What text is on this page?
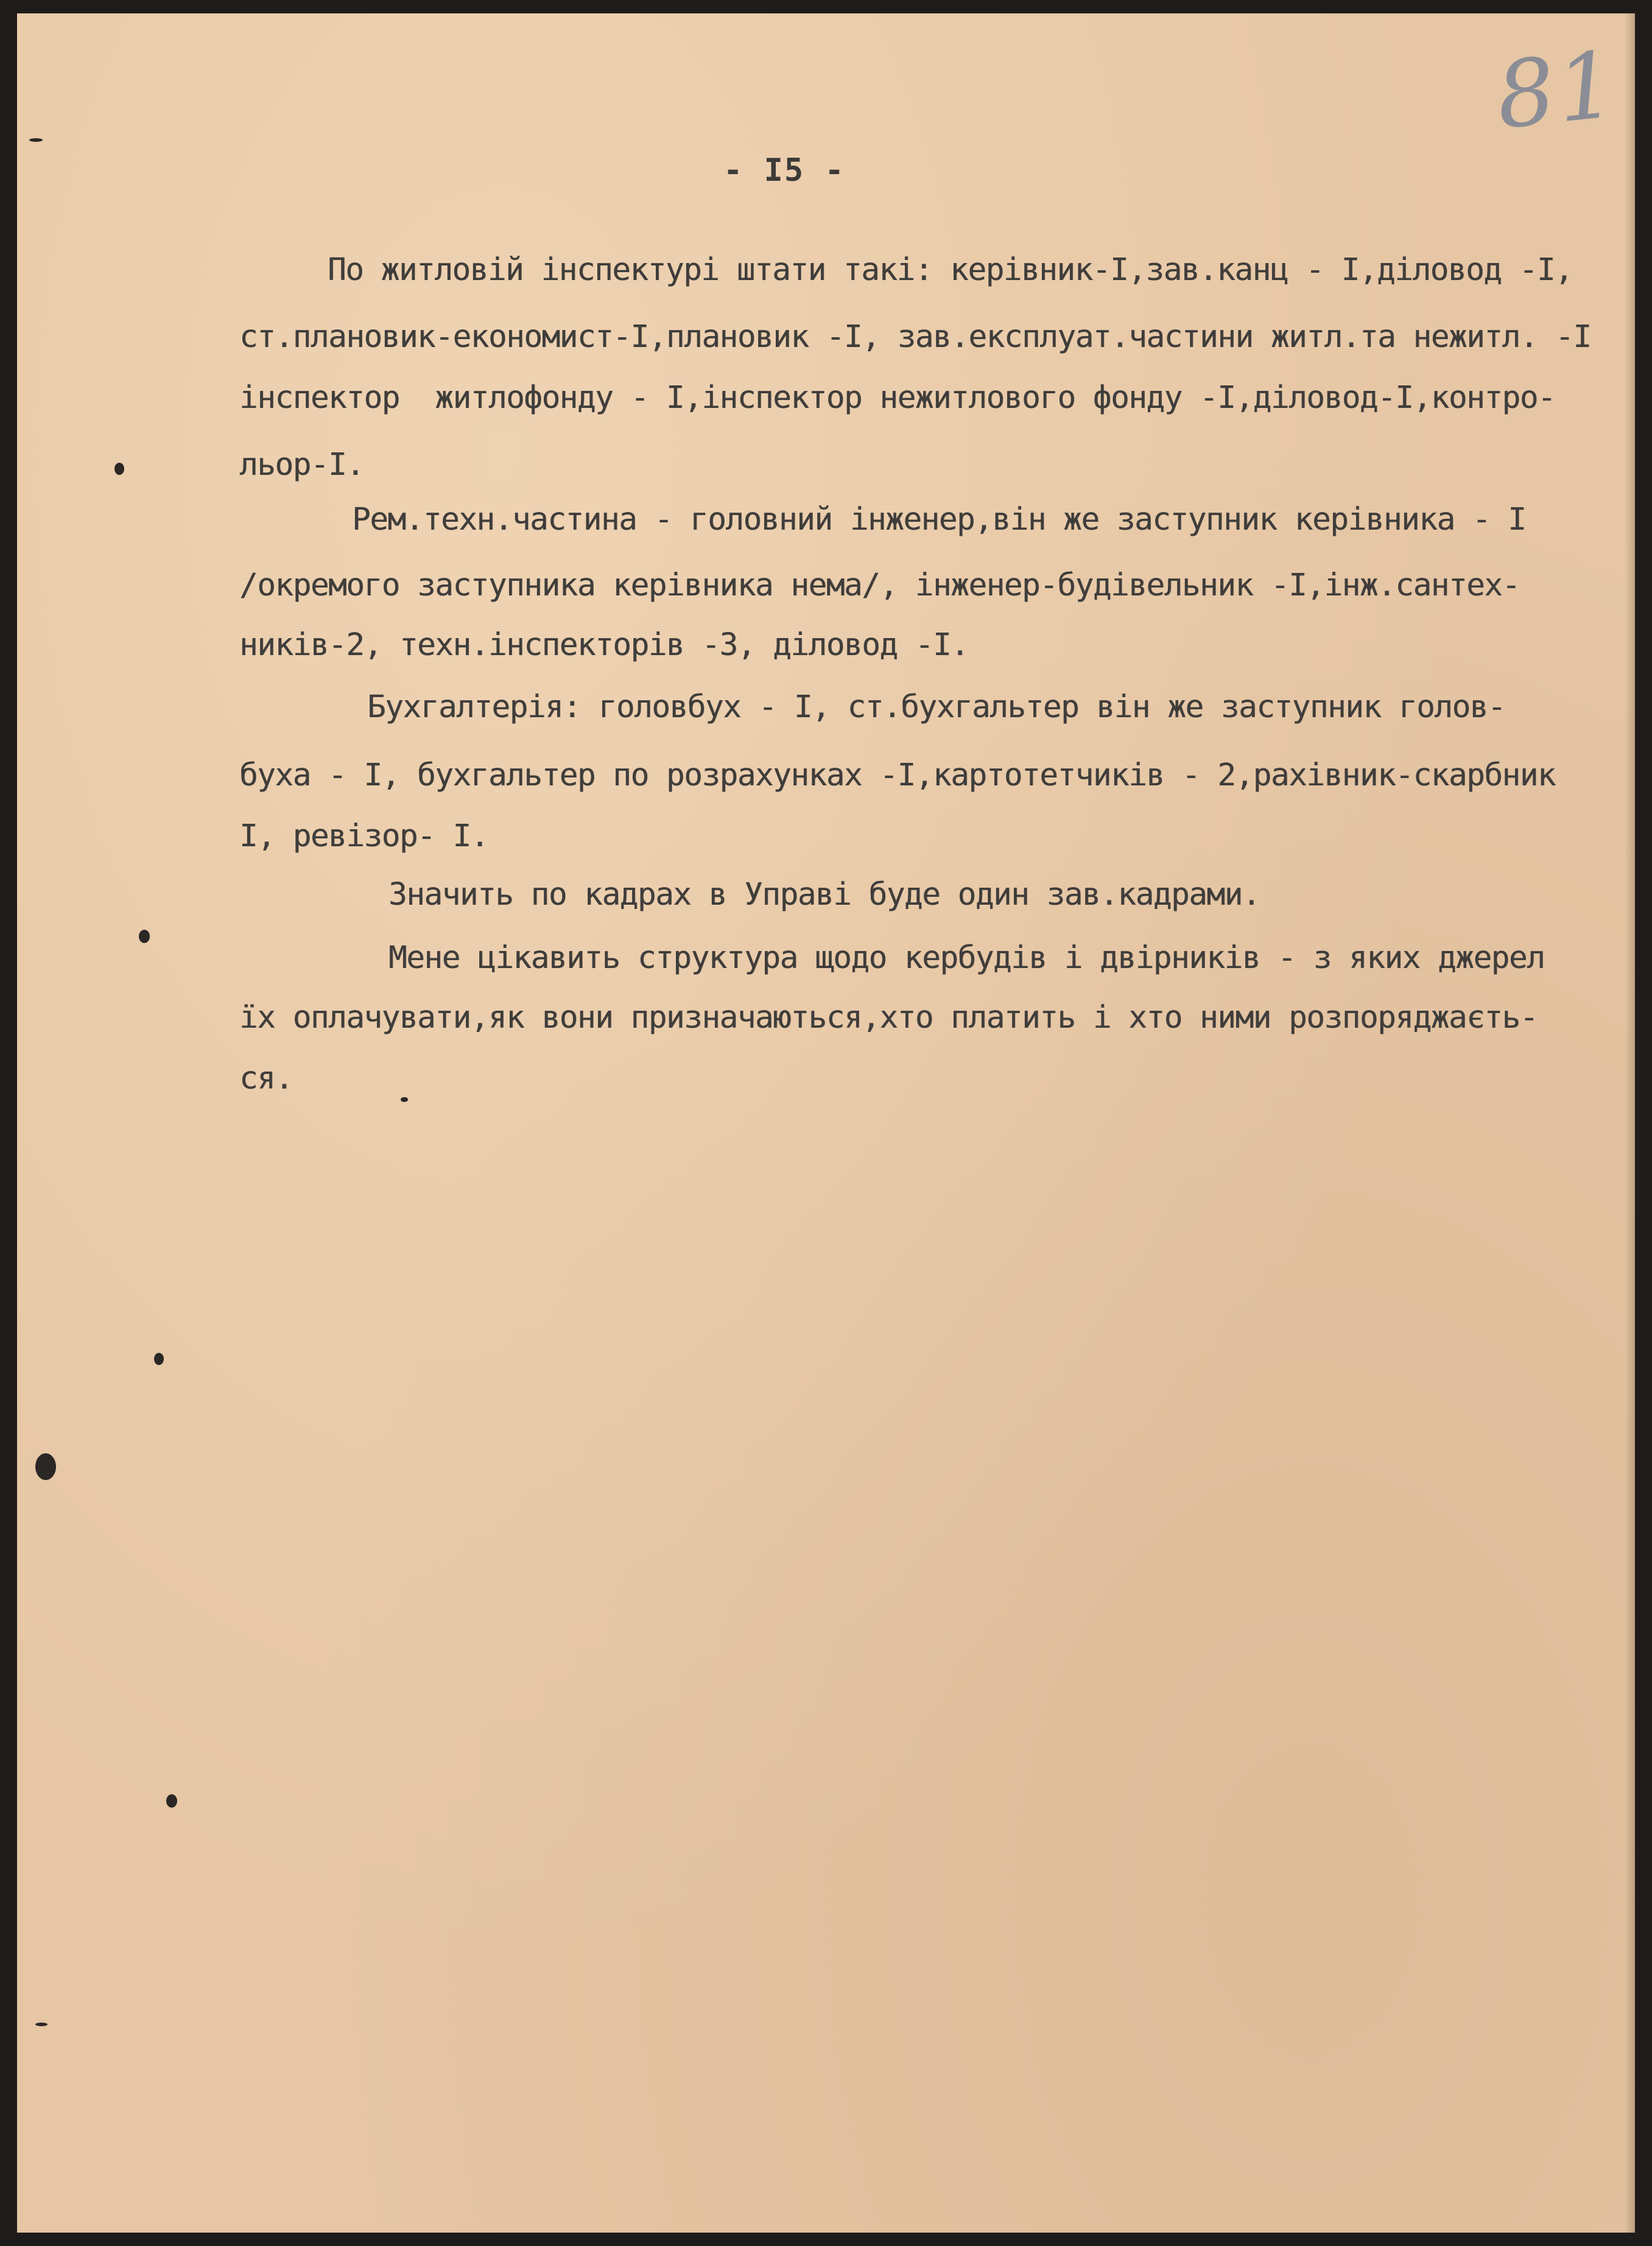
81
- I5 -
По житловій інспектурі штати такі: керівник-І,зав.канц - І,діловод -І,
ст.плановик-економист-І,плановик -І, зав.експлуат.частини житл.та нежитл. -І
інспектор  житлофонду - І,інспектор нежитлового фонду -І,діловод-І,контро-
льор-І.
Рем.техн.частина - головний інженер,він же заступник керівника - І
/окремого заступника керівника нема/, інженер-будівельник -І,інж.сантех-
ників-2, техн.інспекторів -3, діловод -І.
Бухгалтерія: головбух - І, ст.бухгальтер він же заступник голов-
буха - І, бухгальтер по розрахунках -І,картотетчиків - 2,рахівник-скарбник
І, ревізор- І.
Значить по кадрах в Управі буде один зав.кадрами.
Мене цікавить структура щодо кербудів і двірників - з яких джерел
їх оплачувати,як вони призначаються,хто платить і хто ними розпоряджаєть-
ся.
